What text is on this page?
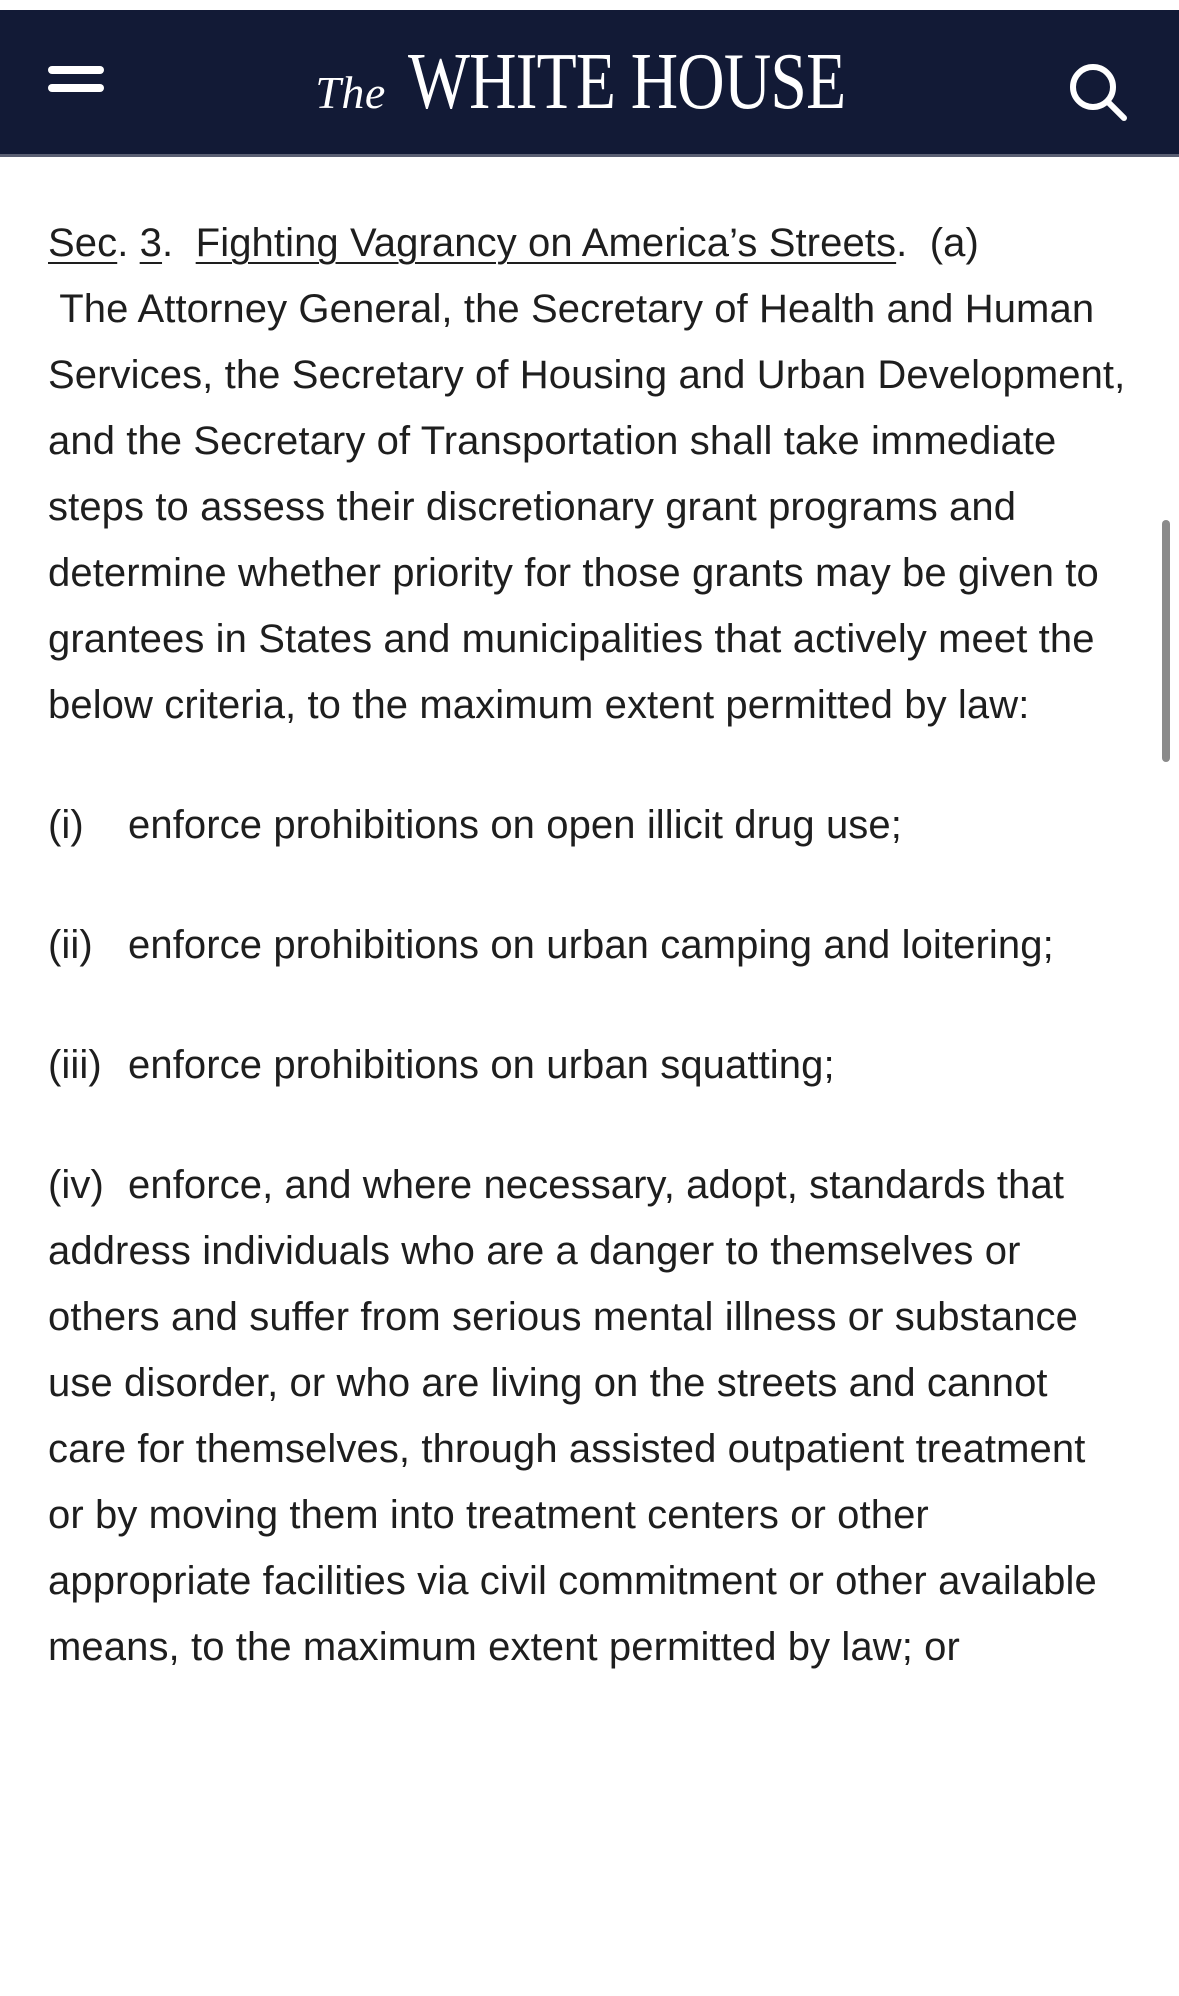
The WHITE HOUSE

Sec. 3.  Fighting Vagrancy on America’s Streets.  (a)
The Attorney General, the Secretary of Health and Human Services, the Secretary of Housing and Urban Development, and the Secretary of Transportation shall take immediate steps to assess their discretionary grant programs and determine whether priority for those grants may be given to grantees in States and municipalities that actively meet the below criteria, to the maximum extent permitted by law:

(i) enforce prohibitions on open illicit drug use;

(ii) enforce prohibitions on urban camping and loitering;

(iii) enforce prohibitions on urban squatting;

(iv) enforce, and where necessary, adopt, standards that address individuals who are a danger to themselves or others and suffer from serious mental illness or substance use disorder, or who are living on the streets and cannot care for themselves, through assisted outpatient treatment or by moving them into treatment centers or other appropriate facilities via civil commitment or other available means, to the maximum extent permitted by law; or
